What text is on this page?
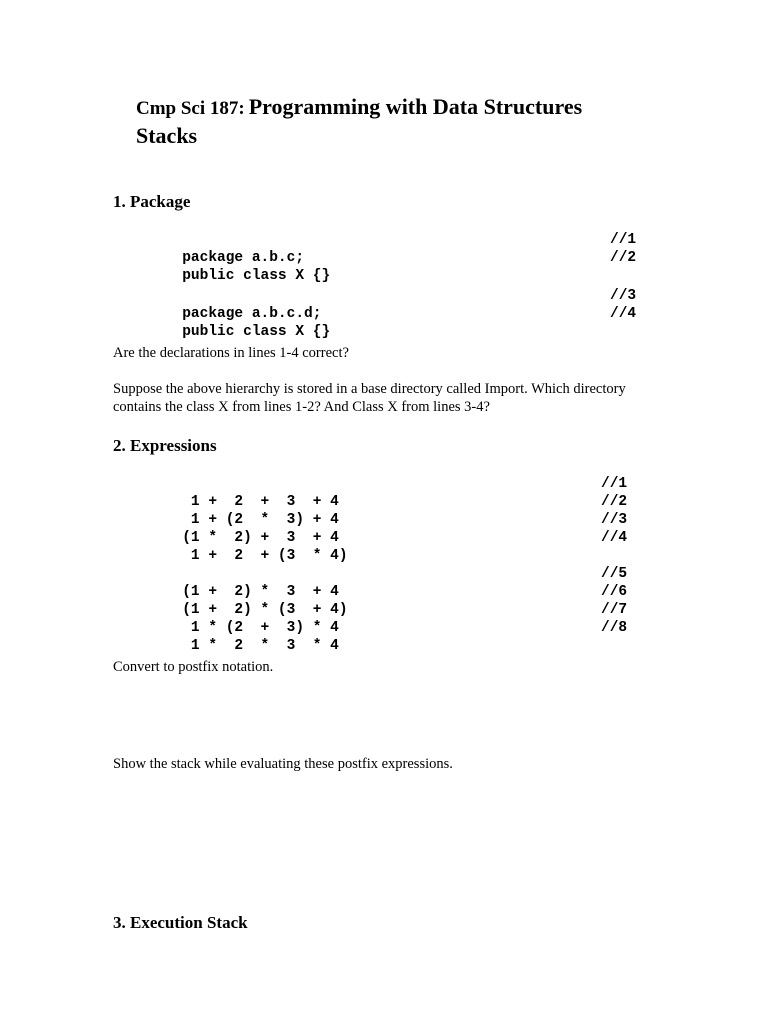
Cmp Sci 187: Programming with Data Structures
Stacks
1. Package

package a.b.c;

//1

public class X {}

//2

package a.b.c.d;

//3

public class X {}

//4

Are the declarations in lines 1-4 correct?

Suppose the above hierarchy is stored in a base directory called Import. Which directory contains the class X from lines 1-2? And Class X from lines 3-4?

2. Expressions

1 +  2  +  3  + 4

//1

1 + (2  *  3) + 4

//2

(1 *  2) +  3  + 4

//3

1 +  2  + (3  * 4)

//4

(1 +  2) *  3  + 4

//5

(1 +  2) * (3  + 4)

//6

1 * (2  +  3) * 4

//7

1 *  2  *  3  * 4

//8

Convert to postfix notation.

Show the stack while evaluating these postfix expressions.

3. Execution Stack
